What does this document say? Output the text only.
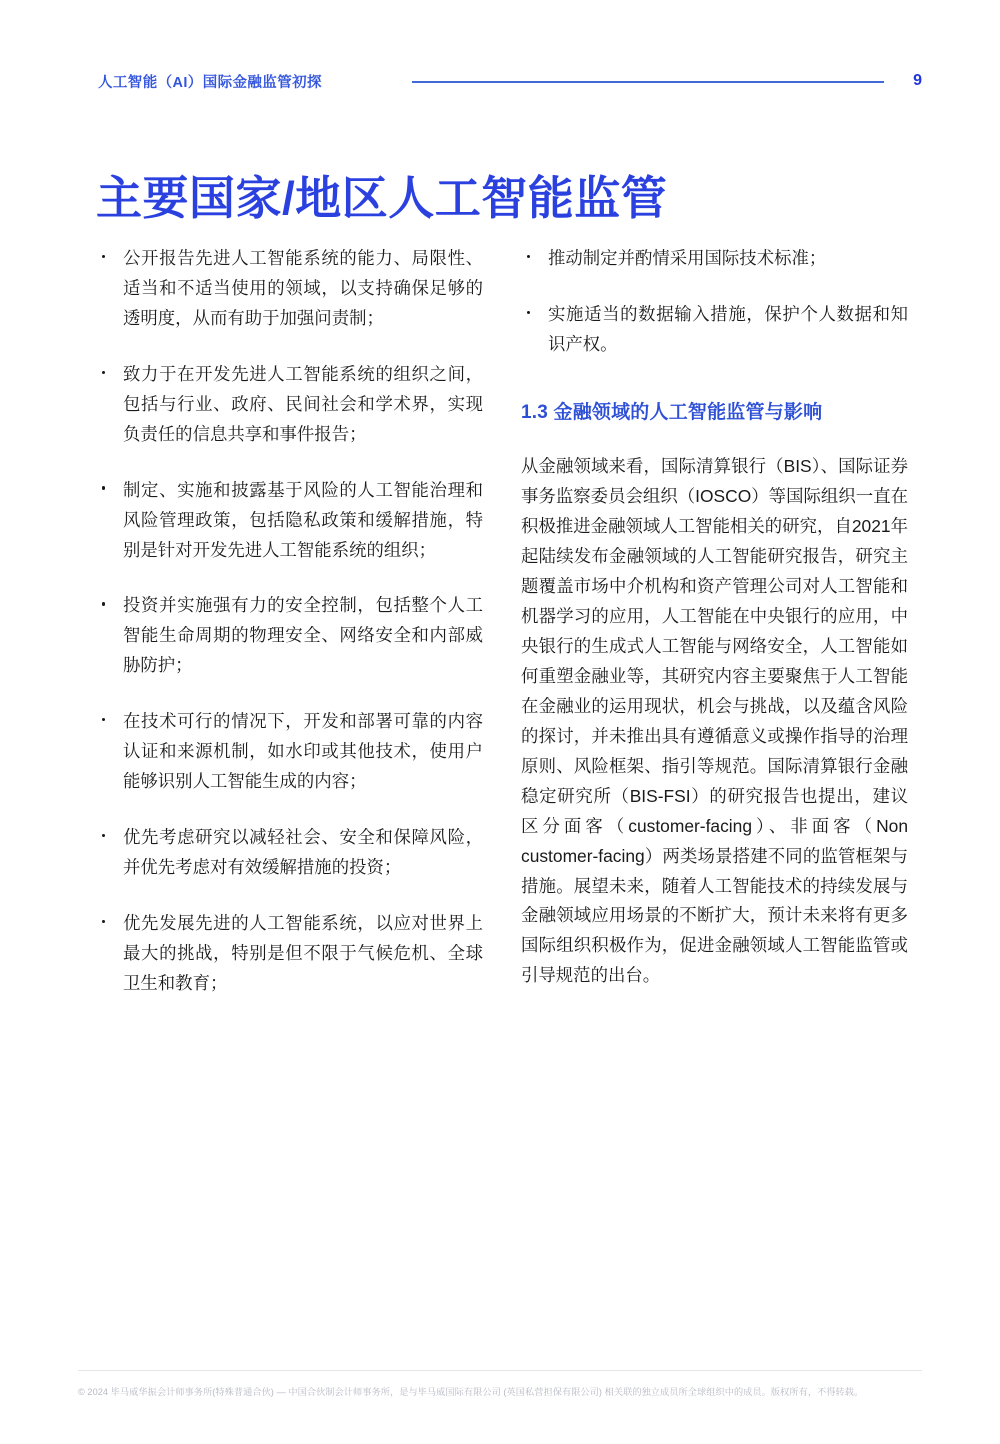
人工智能（AI）国际金融监管初探	9
主要国家/地区人工智能监管
公开报告先进人工智能系统的能力、局限性、适当和不适当使用的领域，以支持确保足够的透明度，从而有助于加强问责制；
致力于在开发先进人工智能系统的组织之间，包括与行业、政府、民间社会和学术界，实现负责任的信息共享和事件报告；
制定、实施和披露基于风险的人工智能治理和风险管理政策，包括隐私政策和缓解措施，特别是针对开发先进人工智能系统的组织；
投资并实施强有力的安全控制，包括整个人工智能生命周期的物理安全、网络安全和内部威胁防护；
在技术可行的情况下，开发和部署可靠的内容认证和来源机制，如水印或其他技术，使用户能够识别人工智能生成的内容；
优先考虑研究以减轻社会、安全和保障风险，并优先考虑对有效缓解措施的投资；
优先发展先进的人工智能系统，以应对世界上最大的挑战，特别是但不限于气候危机、全球卫生和教育；
推动制定并酌情采用国际技术标准；
实施适当的数据输入措施，保护个人数据和知识产权。
1.3 金融领域的人工智能监管与影响

从金融领域来看，国际清算银行（BIS）、国际证券事务监察委员会组织（IOSCO）等国际组织一直在积极推进金融领域人工智能相关的研究，自2021年起陆续发布金融领域的人工智能研究报告，研究主题覆盖市场中介机构和资产管理公司对人工智能和机器学习的应用，人工智能在中央银行的应用，中央银行的生成式人工智能与网络安全，人工智能如何重塑金融业等，其研究内容主要聚焦于人工智能在金融业的运用现状，机会与挑战，以及蕴含风险的探讨，并未推出具有遵循意义或操作指导的治理原则、风险框架、指引等规范。国际清算银行金融稳定研究所（BIS-FSI）的研究报告也提出，建议区分面客（customer-facing）、非面客（Non customer-facing）两类场景搭建不同的监管框架与措施。展望未来，随着人工智能技术的持续发展与金融领域应用场景的不断扩大，预计未来将有更多国际组织积极作为，促进金融领域人工智能监管或引导规范的出台。

© 2024 毕马威华振会计师事务所(特殊普通合伙) — 中国合伙制会计师事务所，是与毕马威国际有限公司 (英国私营担保有限公司) 相关联的独立成员所全球组织中的成员。版权所有，不得转载。
